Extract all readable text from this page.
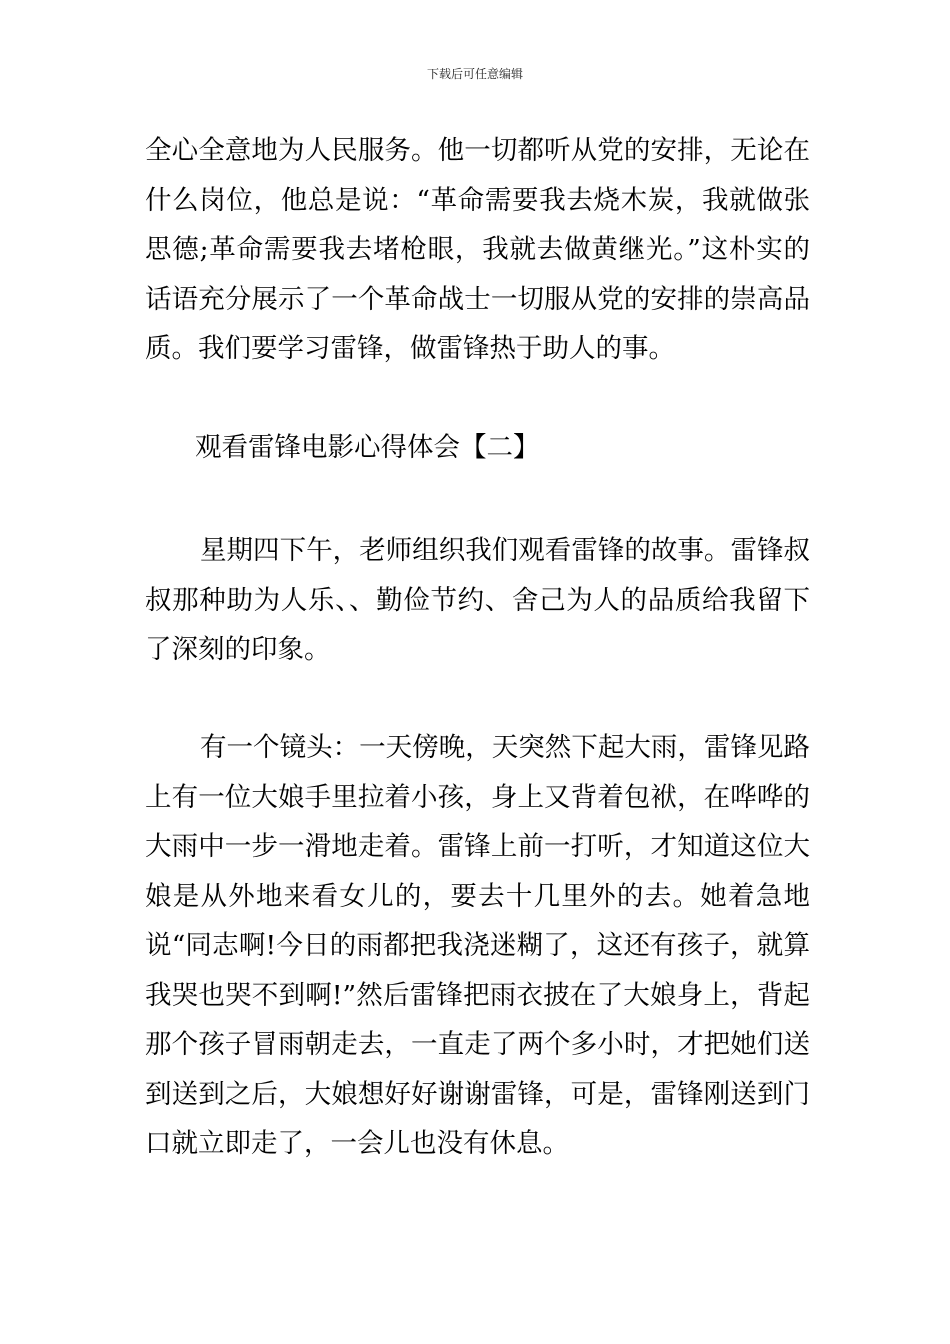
下载后可任意编辑

全心全意地为人民服务。他一切都听从党的安排，无论在什么岗位，他总是说：“革命需要我去烧木炭，我就做张思德;革命需要我去堵枪眼，我就去做黄继光。”这朴实的话语充分展示了一个革命战士一切服从党的安排的崇高品质。我们要学习雷锋，做雷锋热于助人的事。

观看雷锋电影心得体会【二】

星期四下午，老师组织我们观看雷锋的故事。雷锋叔叔那种助为人乐、、勤俭节约、舍己为人的品质给我留下了深刻的印象。

有一个镜头：一天傍晚，天突然下起大雨，雷锋见路上有一位大娘手里拉着小孩，身上又背着包袱，在哗哗的大雨中一步一滑地走着。雷锋上前一打听，才知道这位大娘是从外地来看女儿的，要去十几里外的去。她着急地说“同志啊!今日的雨都把我浇迷糊了，这还有孩子，就算我哭也哭不到啊!”然后雷锋把雨衣披在了大娘身上，背起那个孩子冒雨朝走去，一直走了两个多小时，才把她们送到送到之后，大娘想好好谢谢雷锋，可是，雷锋刚送到门口就立即走了，一会儿也没有休息。
